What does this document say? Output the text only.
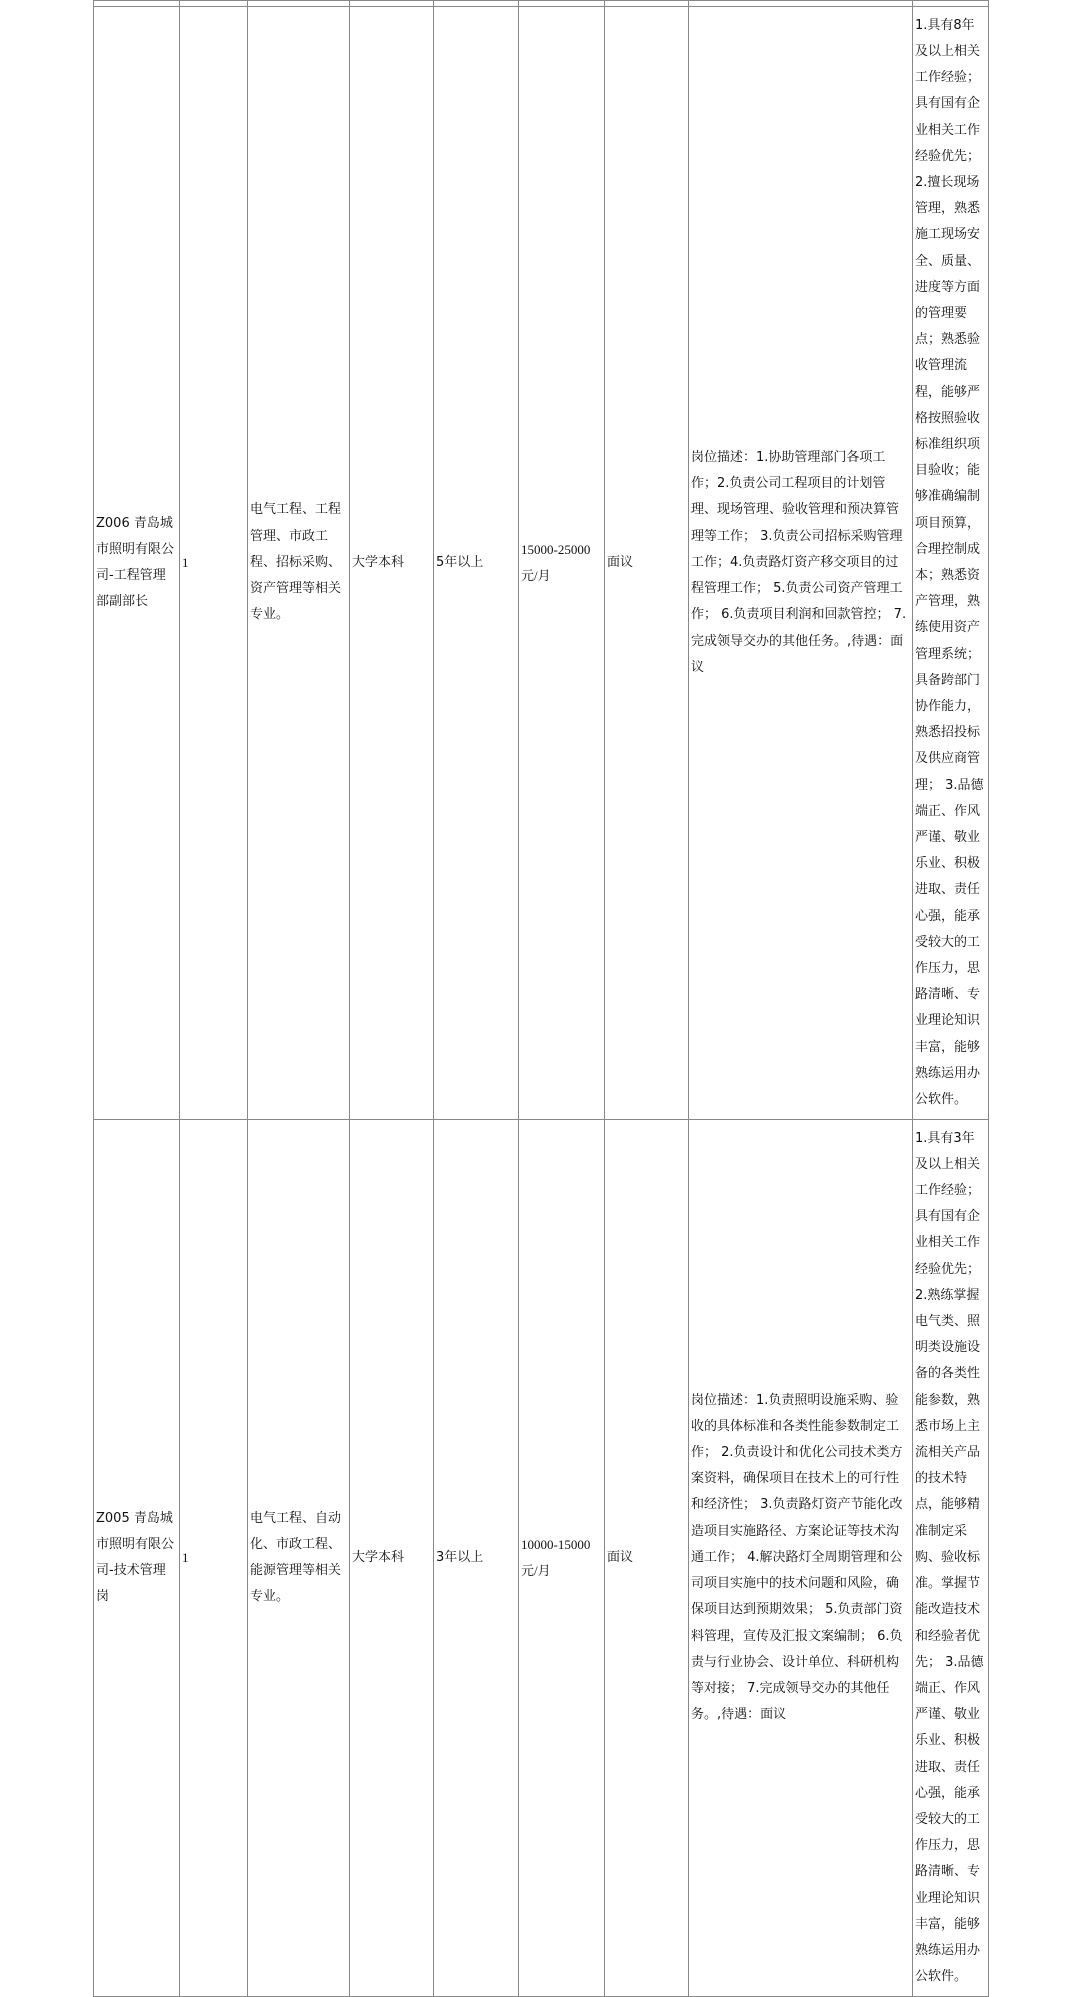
Z006 青岛城市照明有限公司-工程管理部副部长	1	电气工程、工程管理、市政工程、招标采购、资产管理等相关专业。	大学本科	5年以上	15000-25000元/月	面议	岗位描述：1.协助管理部门各项工作；2.负责公司工程项目的计划管理、现场管理、验收管理和预决算管理等工作； 3.负责公司招标采购管理工作；4.负责路灯资产移交项目的过程管理工作； 5.负责公司资产管理工作； 6.负责项目利润和回款管控； 7.完成领导交办的其他任务。,待遇：面议	1.具有8年及以上相关工作经验；具有国有企业相关工作经验优先；2.擅长现场管理，熟悉施工现场安全、质量、进度等方面的管理要点；熟悉验收管理流程，能够严格按照验收标准组织项目验收；能够准确编制项目预算，合理控制成本；熟悉资产管理，熟练使用资产管理系统；具备跨部门协作能力，熟悉招投标及供应商管理； 3.品德端正、作风严谨、敬业乐业、积极进取、责任心强，能承受较大的工作压力，思路清晰、专业理论知识丰富，能够熟练运用办公软件。
Z005 青岛城市照明有限公司-技术管理岗	1	电气工程、自动化、市政工程、能源管理等相关专业。	大学本科	3年以上	10000-15000元/月	面议	岗位描述：1.负责照明设施采购、验收的具体标准和各类性能参数制定工作； 2.负责设计和优化公司技术类方案资料，确保项目在技术上的可行性和经济性； 3.负责路灯资产节能化改造项目实施路径、方案论证等技术沟通工作； 4.解决路灯全周期管理和公司项目实施中的技术问题和风险，确保项目达到预期效果； 5.负责部门资料管理，宣传及汇报文案编制； 6.负责与行业协会、设计单位、科研机构等对接； 7.完成领导交办的其他任务。,待遇：面议	1.具有3年及以上相关工作经验；具有国有企业相关工作经验优先；2.熟练掌握电气类、照明类设施设备的各类性能参数，熟悉市场上主流相关产品的技术特点，能够精准制定采购、验收标准。掌握节能改造技术和经验者优先； 3.品德端正、作风严谨、敬业乐业、积极进取、责任心强，能承受较大的工作压力，思路清晰、专业理论知识丰富，能够熟练运用办公软件。
